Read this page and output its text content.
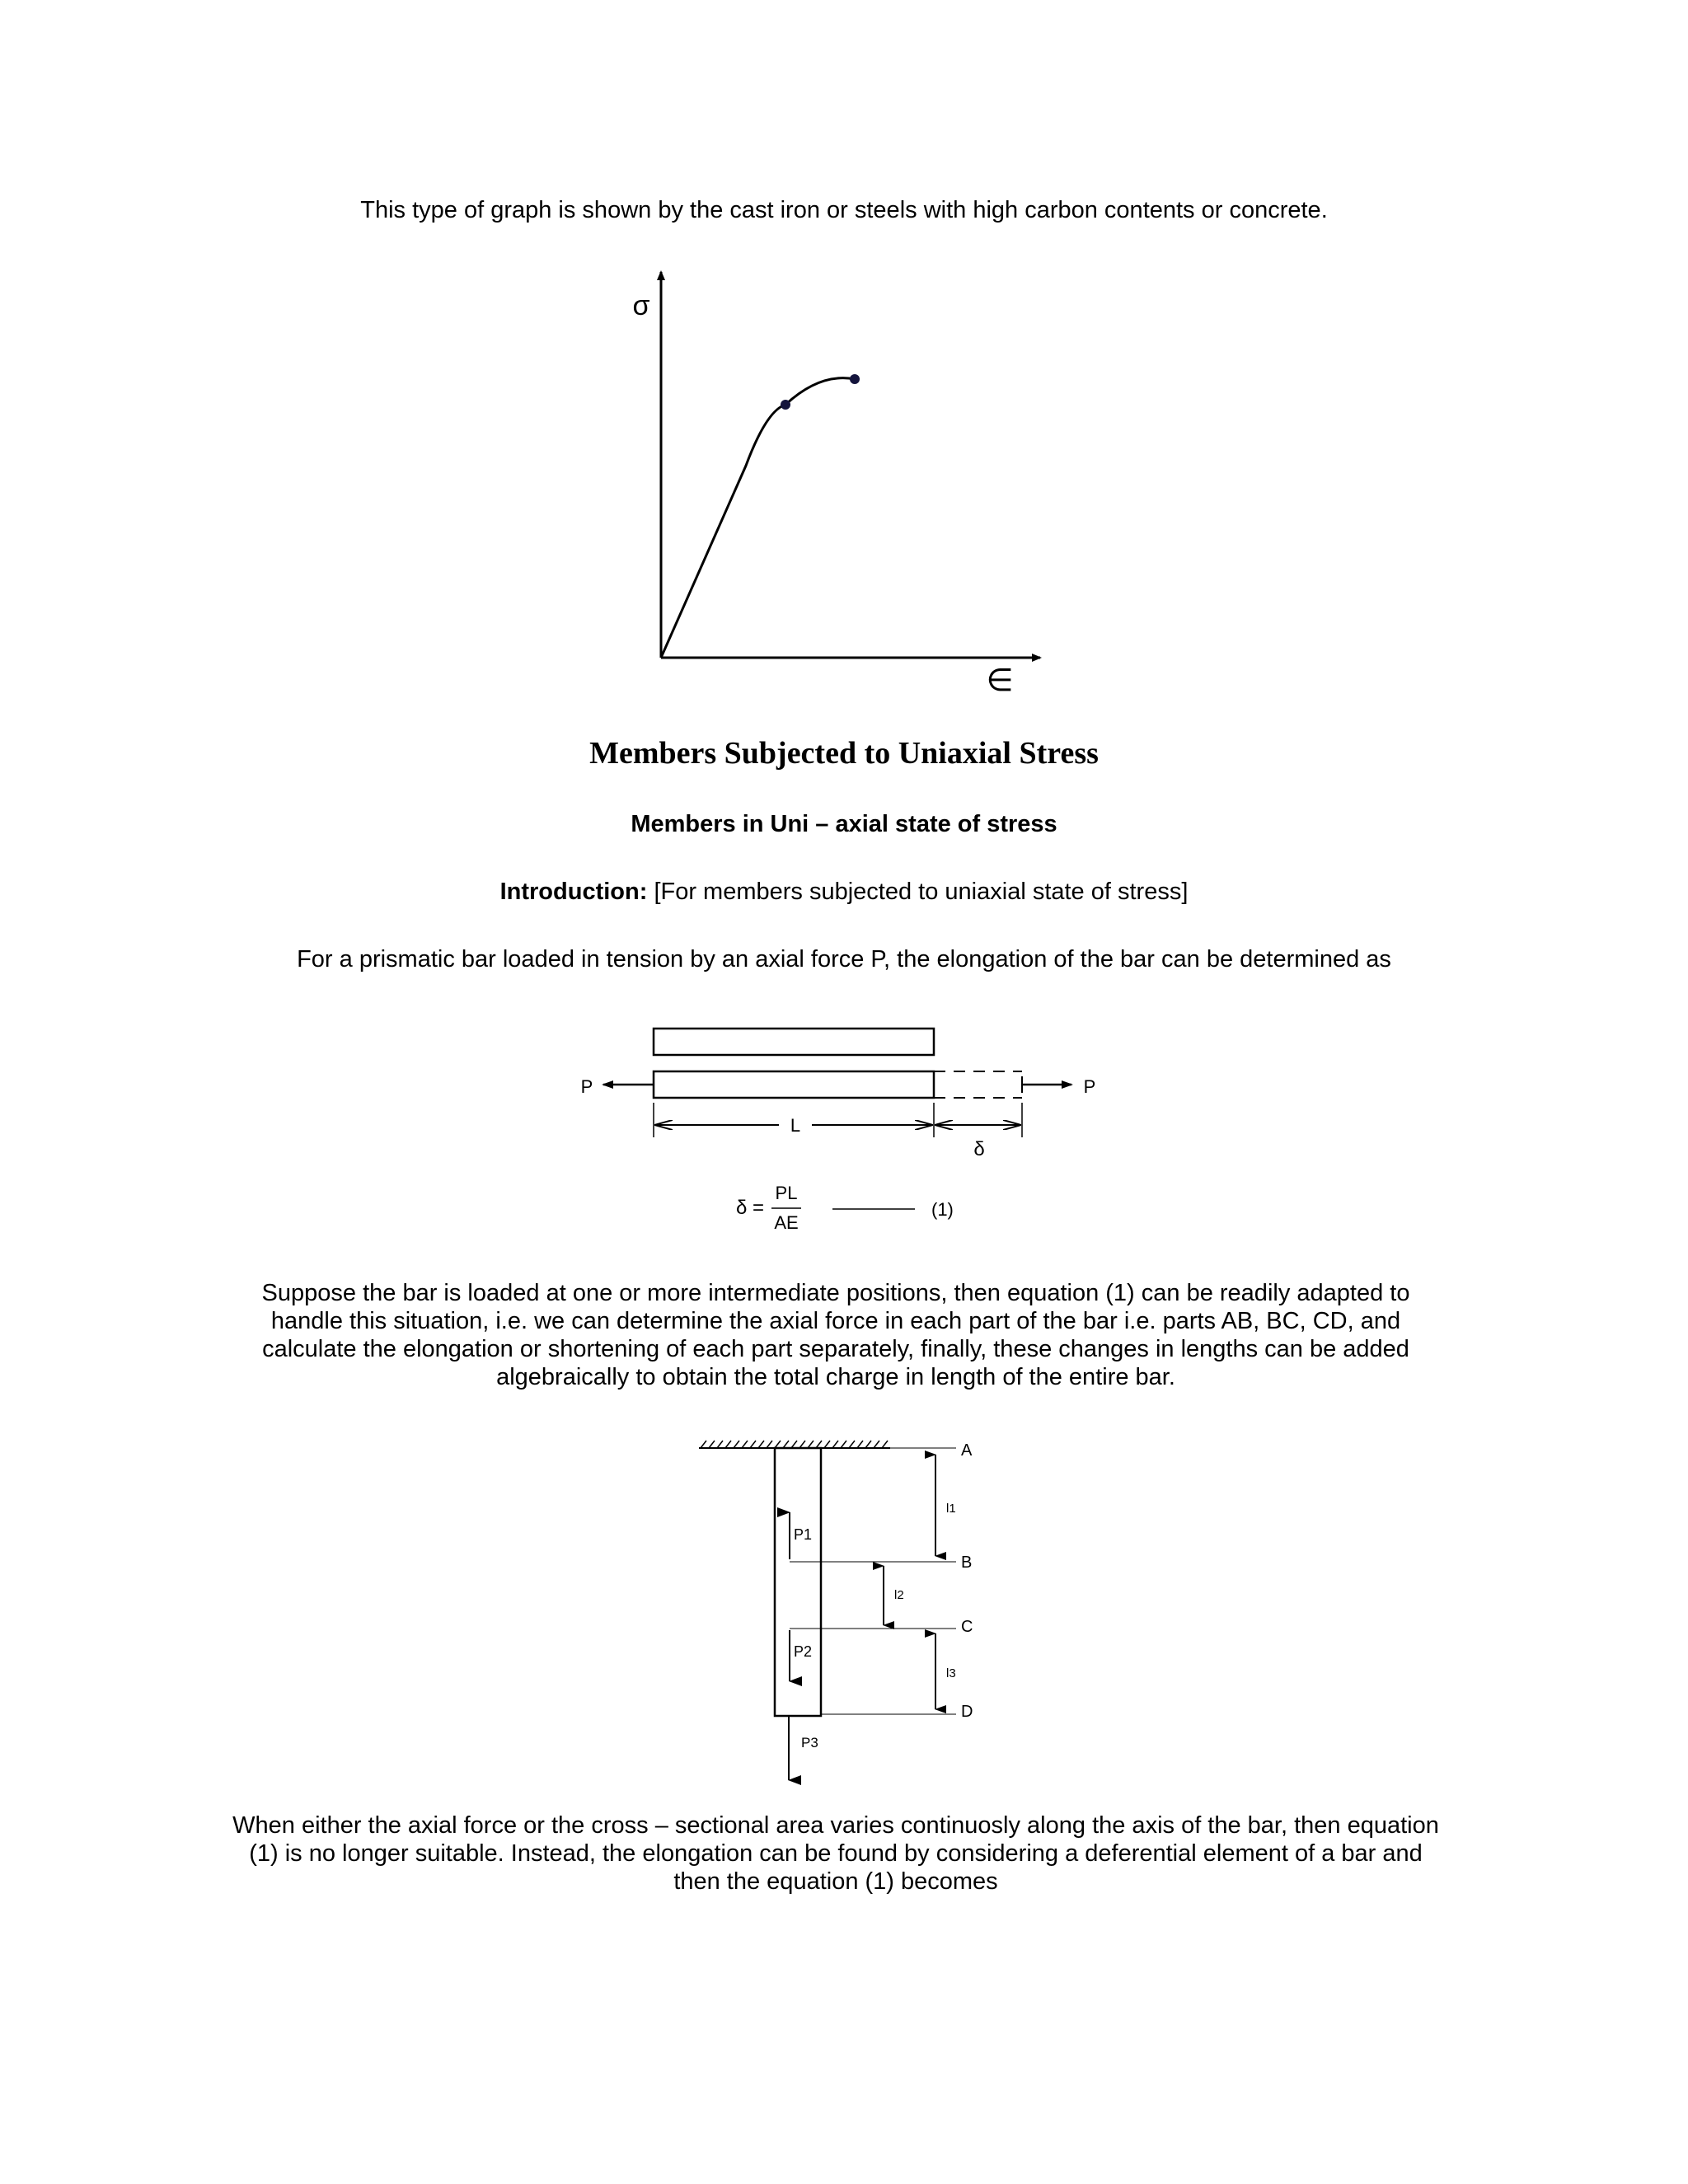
This type of graph is shown by the cast iron or steels with high carbon contents or concrete.
σ
∈
Members Subjected to Uniaxial Stress
Members in Uni – axial state of stress
Introduction: [For members subjected to uniaxial state of stress]
For a prismatic bar loaded in tension by an axial force P, the elongation of the bar can be determined as
P	P
L
δ
δ =
PL
AE
(1)
Suppose the bar is loaded at one or more intermediate positions, then equation (1) can be readily adapted to handle this situation, i.e. we can determine the axial force in each part of the bar i.e. parts AB, BC, CD, and calculate the elongation or shortening of each part separately, finally, these changes in lengths can be added algebraically to obtain the total charge in length of the entire bar.
A
B
C
D
l1
l2
l3
P1
P2
P3
When either the axial force or the cross – sectional area varies continuosly along the axis of the bar, then equation (1) is no longer suitable. Instead, the elongation can be found by considering a deferential element of a bar and then the equation (1) becomes
